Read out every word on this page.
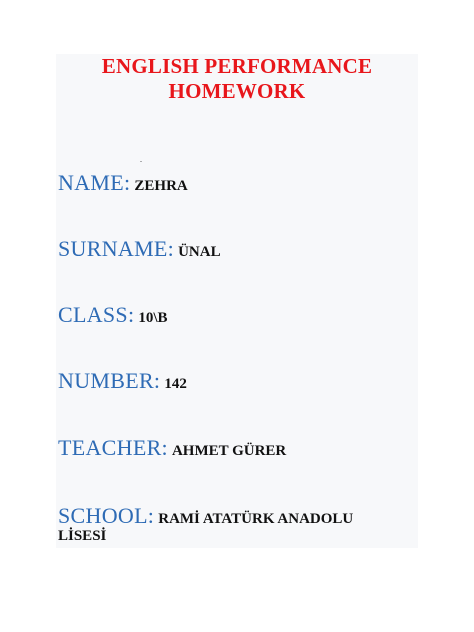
ENGLISH PERFORMANCE
HOMEWORK
.
NAME: ZEHRA
SURNAME: ÜNAL
CLASS: 10\B
NUMBER: 142
TEACHER: AHMET GÜRER
SCHOOL: RAMİ ATATÜRK ANADOLU
LİSESİ
